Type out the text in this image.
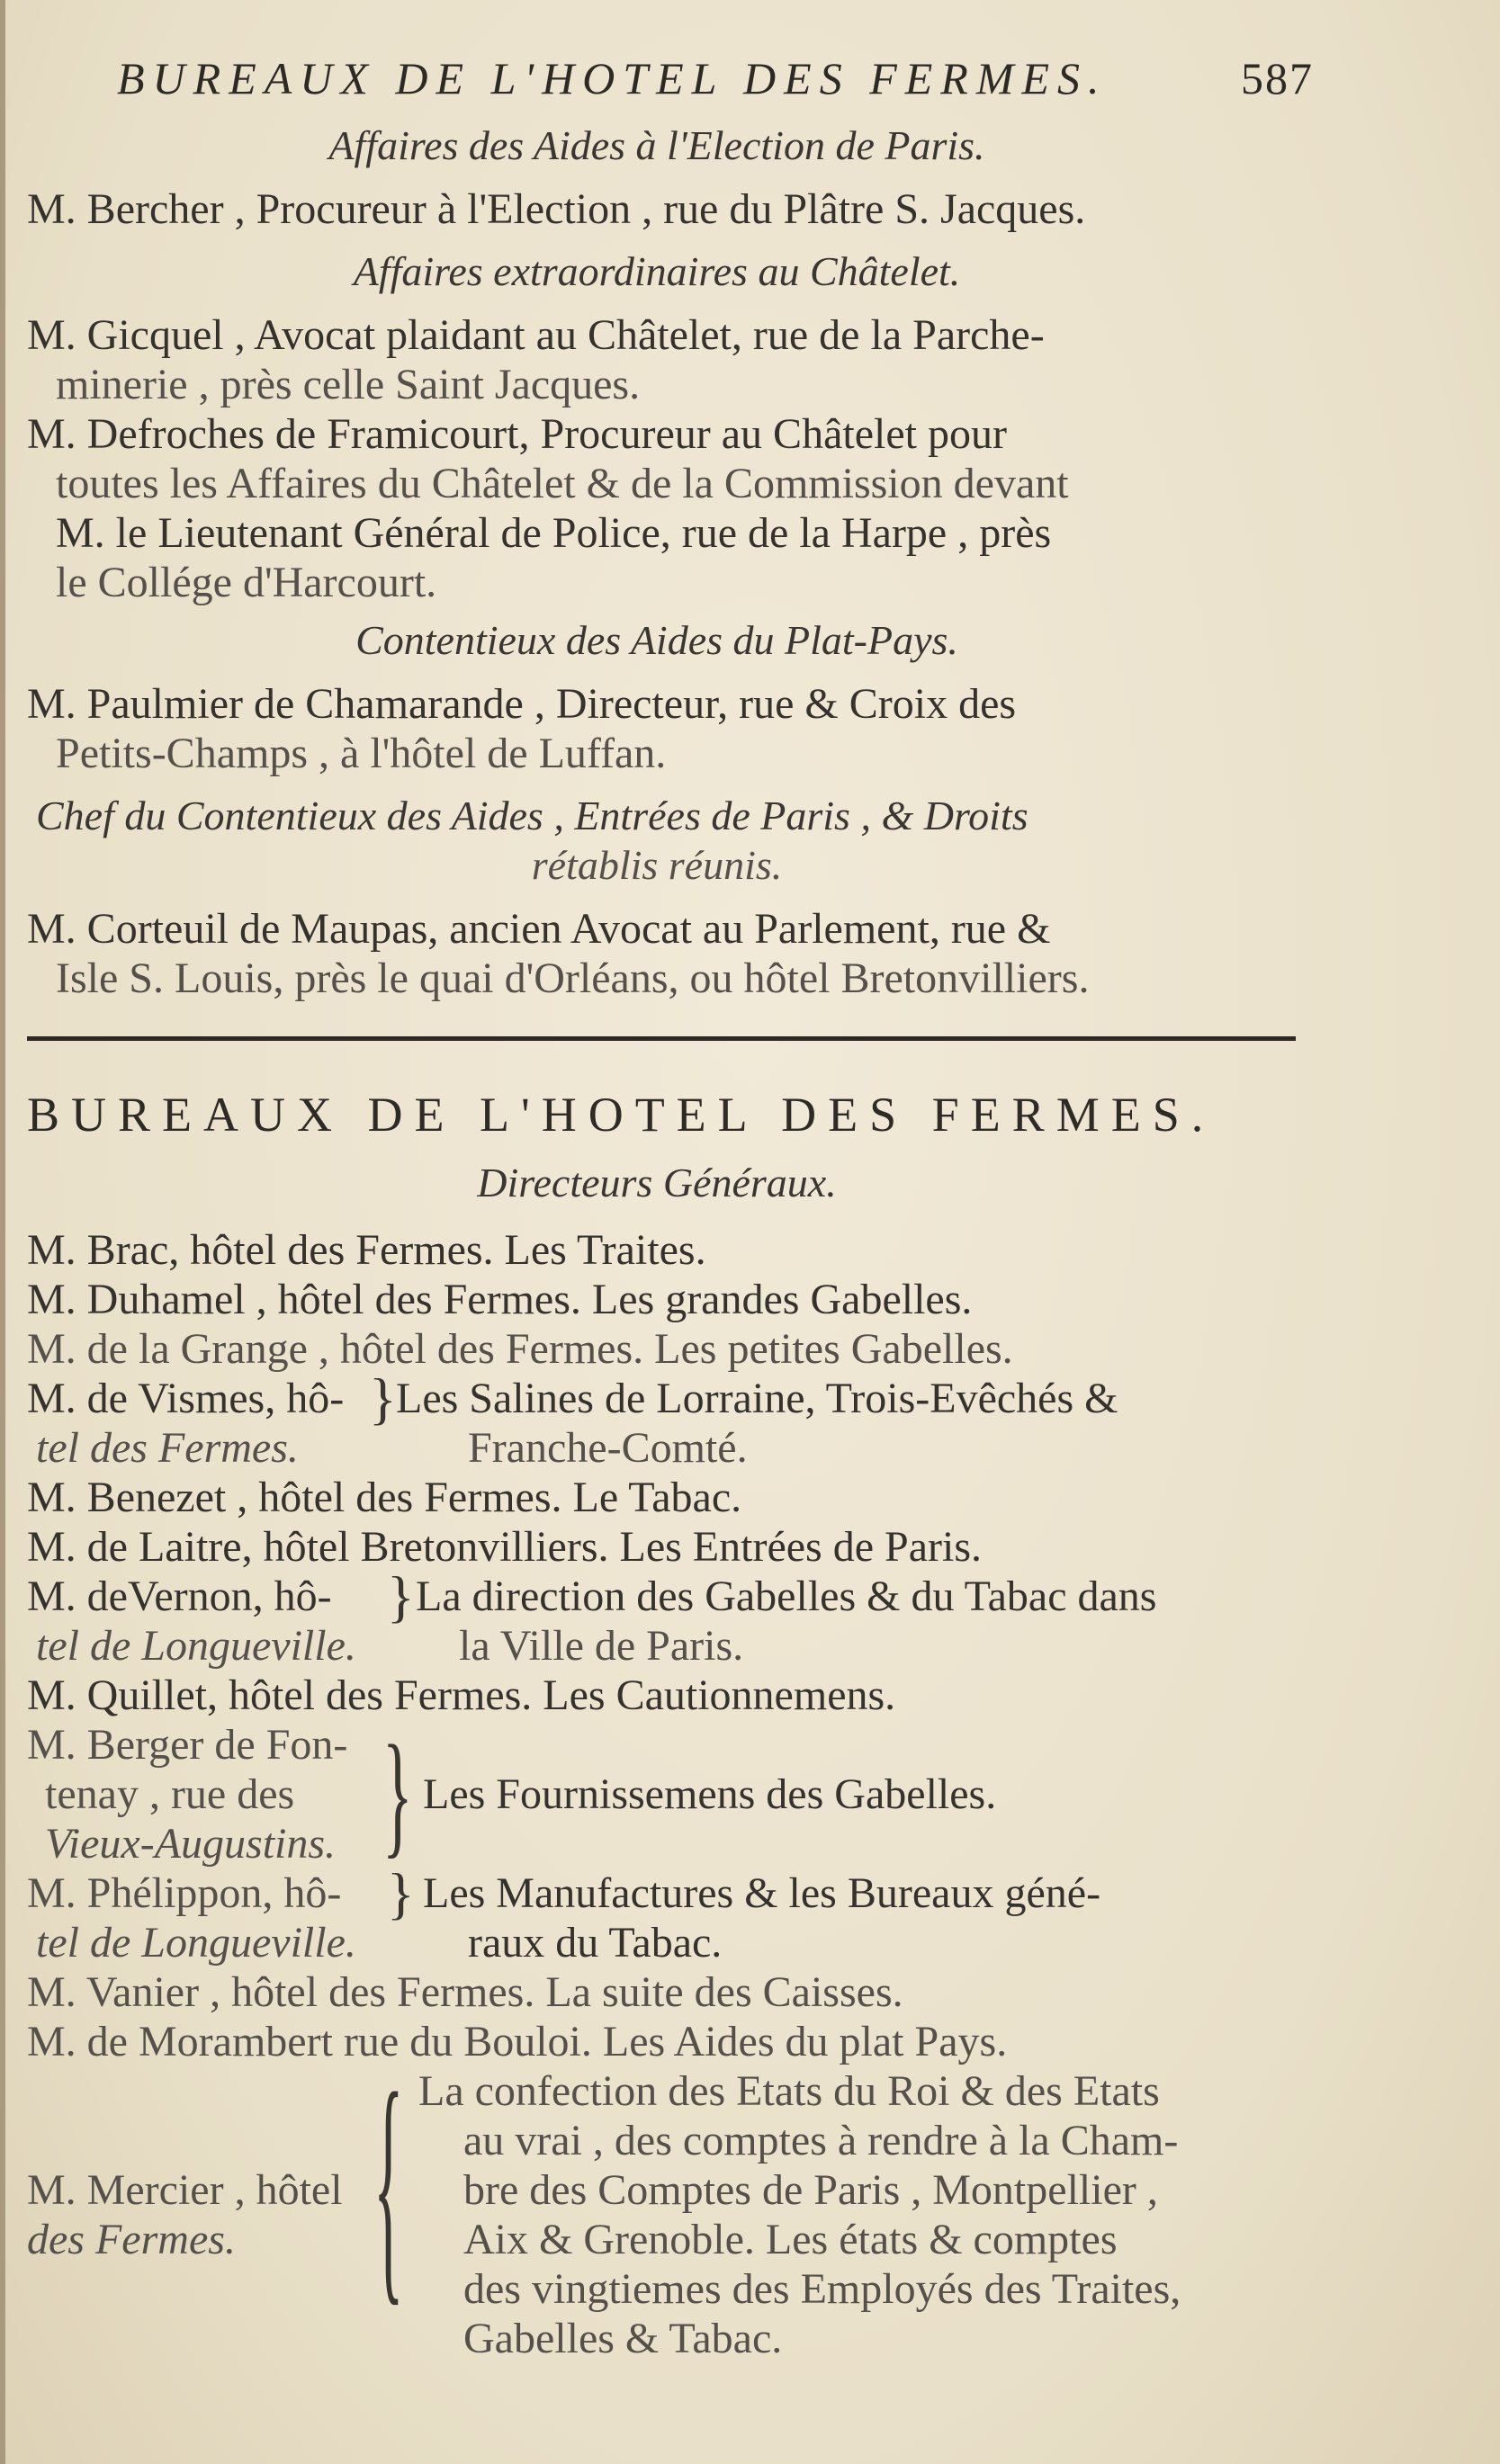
BUREAUX DE L'HOTEL DES FERMES.	587
Affaires des Aides à l'Election de Paris.
M. Bercher , Procureur à l'Election , rue du Plâtre S. Jacques.
Affaires extraordinaires au Châtelet.
M. Gicquel , Avocat plaidant au Châtelet, rue de la Parche-
minerie , près celle Saint Jacques.
M. Defroches de Framicourt, Procureur au Châtelet pour
toutes les Affaires du Châtelet & de la Commission devant
M. le Lieutenant Général de Police, rue de la Harpe , près
le Collége d'Harcourt.
Contentieux des Aides du Plat-Pays.
M. Paulmier de Chamarande , Directeur, rue & Croix des
Petits-Champs , à l'hôtel de Luffan.
Chef du Contentieux des Aides , Entrées de Paris , & Droits
rétablis réunis.
M. Corteuil de Maupas, ancien Avocat au Parlement, rue &
Isle S. Louis, près le quai d'Orléans, ou hôtel Bretonvilliers.
BUREAUX DE L'HOTEL DES FERMES.
Directeurs Généraux.
M. Brac, hôtel des Fermes. Les Traites.
M. Duhamel , hôtel des Fermes. Les grandes Gabelles.
M. de la Grange , hôtel des Fermes. Les petites Gabelles.
M. de Vismes, hô-
tel des Fermes.
} Les Salines de Lorraine, Trois-Evêchés &
Franche-Comté.
M. Benezet , hôtel des Fermes. Le Tabac.
M. de Laitre, hôtel Bretonvilliers. Les Entrées de Paris.
M. deVernon, hô-
tel de Longueville.
} La direction des Gabelles & du Tabac dans
la Ville de Paris.
M. Quillet, hôtel des Fermes. Les Cautionnemens.
M. Berger de Fon-
tenay , rue des
Vieux-Augustins. } Les Fournissemens des Gabelles.
M. Phélippon, hô-
tel de Longueville.
} Les Manufactures & les Bureaux géné-
raux du Tabac.
M. Vanier , hôtel des Fermes. La suite des Caisses.
M. de Morambert rue du Bouloi. Les Aides du plat Pays.
M. Mercier , hôtel
des Fermes.	{ La confection des Etats du Roi & des Etats
au vrai , des comptes à rendre à la Cham-
bre des Comptes de Paris , Montpellier ,
Aix & Grenoble. Les états & comptes
des vingtiemes des Employés des Traites,
Gabelles & Tabac.
